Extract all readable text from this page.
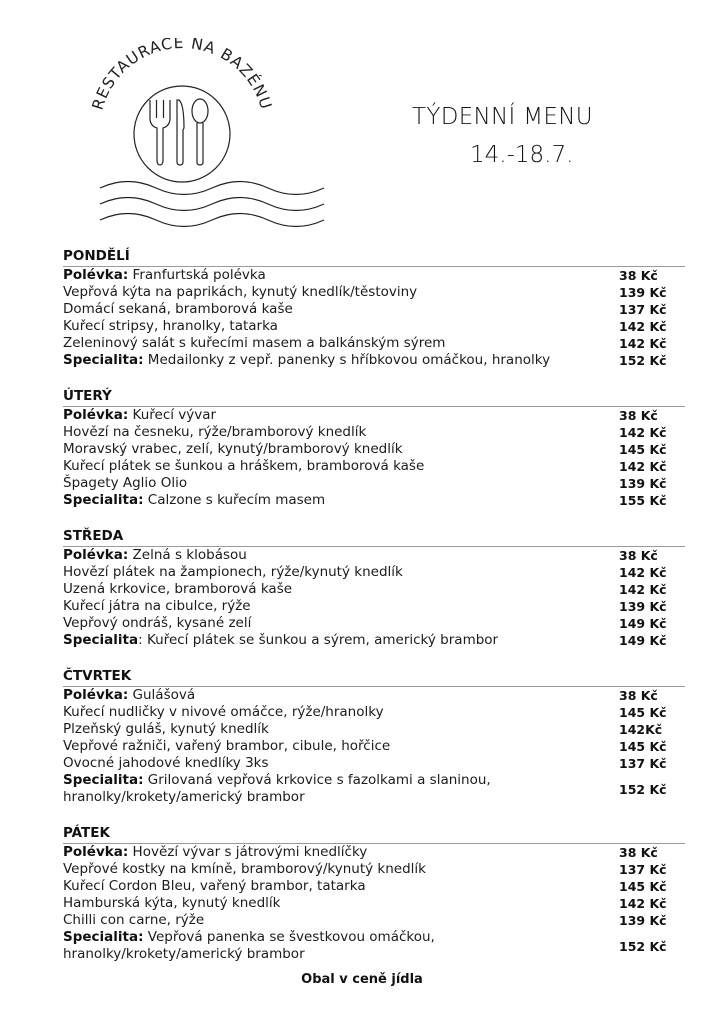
RESTAURACE NA BAZÉNU
TÝDENNÍ MENU
14.-18.7.
PONDĚLÍ
Polévka: Franfurtská polévka	38 Kč
Vepřová kýta na paprikách, kynutý knedlík/těstoviny	139 Kč
Domácí sekaná, bramborová kaše	137 Kč
Kuřecí stripsy, hranolky, tatarka	142 Kč
Zeleninový salát s kuřecími masem a balkánským sýrem	142 Kč
Specialita: Medailonky z vepř. panenky s hříbkovou omáčkou, hranolky	152 Kč
ÚTERÝ
Polévka: Kuřecí vývar	38 Kč
Hovězí na česneku, rýže/bramborový knedlík	142 Kč
Moravský vrabec, zelí, kynutý/bramborový knedlík	145 Kč
Kuřecí plátek se šunkou a hráškem, bramborová kaše	142 Kč
Špagety Aglio Olio	139 Kč
Specialita: Calzone s kuřecím masem	155 Kč
STŘEDA
Polévka: Zelná s klobásou	38 Kč
Hovězí plátek na žampionech, rýže/kynutý knedlík	142 Kč
Uzená krkovice, bramborová kaše	142 Kč
Kuřecí játra na cibulce, rýže	139 Kč
Vepřový ondráš, kysané zelí	149 Kč
Specialita: Kuřecí plátek se šunkou a sýrem, americký brambor	149 Kč
ČTVRTEK
Polévka: Gulášová	38 Kč
Kuřecí nudličky v nivové omáčce, rýže/hranolky	145 Kč
Plzeňský guláš, kynutý knedlík	142Kč
Vepřové ražniči, vařený brambor, cibule, hořčice	145 Kč
Ovocné jahodové knedlíky 3ks	137 Kč
Specialita: Grilovaná vepřová krkovice s fazolkami a slaninou,
hranolky/krokety/americký brambor	152 Kč
PÁTEK
Polévka: Hovězí vývar s játrovými knedlíčky	38 Kč
Vepřové kostky na kmíně, bramborový/kynutý knedlík	137 Kč
Kuřecí Cordon Bleu, vařený brambor, tatarka	145 Kč
Hamburská kýta, kynutý knedlík	142 Kč
Chilli con carne, rýže	139 Kč
Specialita: Vepřová panenka se švestkovou omáčkou,
hranolky/krokety/americký brambor	152 Kč
Obal v ceně jídla
